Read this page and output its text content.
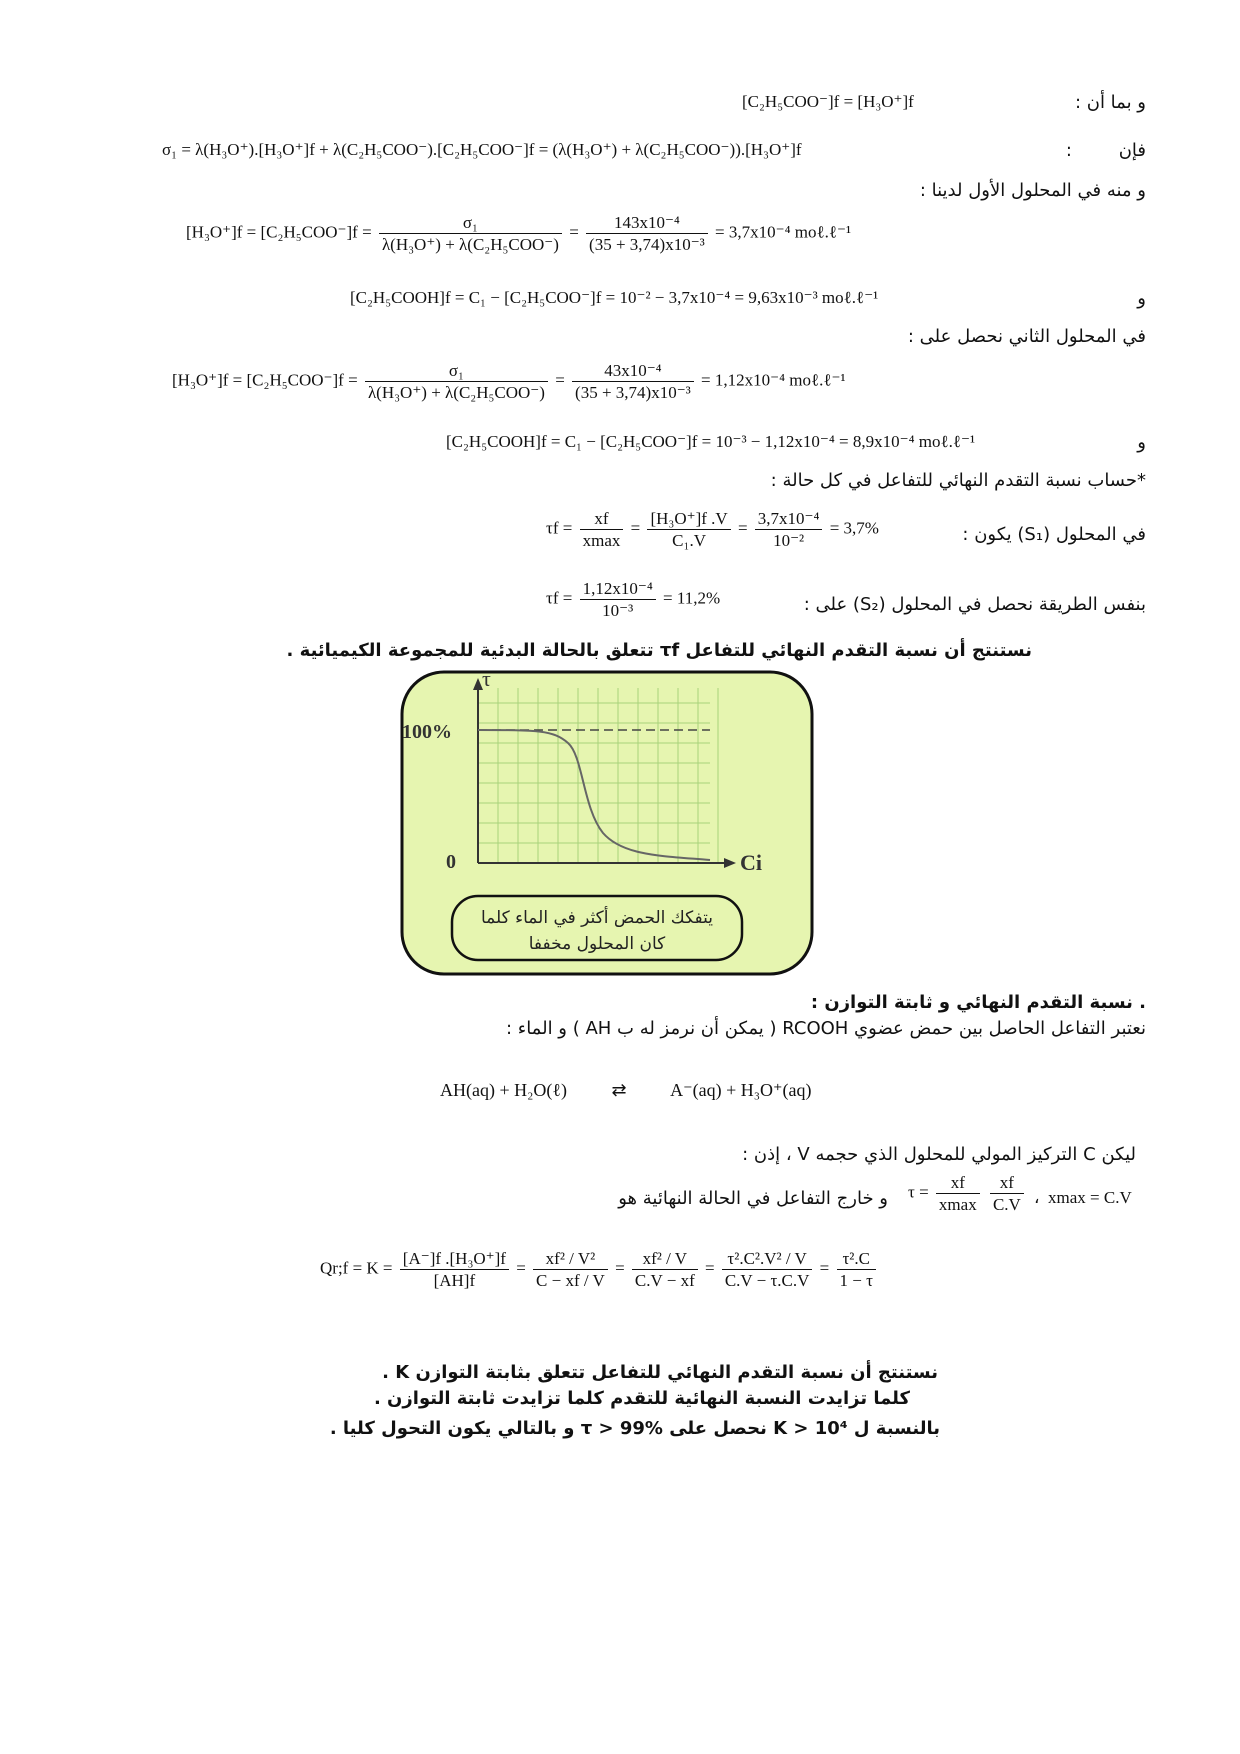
و بما أن :
[C₂H₅COO⁻]f = [H₃O⁺]f
فإن
:
σ₁ = λ(H₃O⁺).[H₃O⁺]f + λ(C₂H₅COO⁻).[C₂H₅COO⁻]f = (λ(H₃O⁺) + λ(C₂H₅COO⁻)).[H₃O⁺]f
و منه في المحلول الأول لدينا :
$[H_3O^+]f = [C_2H_5COO^-]f = \frac{\text{σ₁}}{\text{λ(H₃O⁺) + λ(C₂H₅COO⁻)}} = \frac{\text{143x10⁻⁴}}{\text{(35 + 3,74)x10⁻³}} = 3,7x10^{-4}$ moℓ.ℓ⁻¹
و
[C₂H₅COOH]f = C₁ − [C₂H₅COO⁻]f = 10⁻² − 3,7x10⁻⁴ = 9,63x10⁻³ moℓ.ℓ⁻¹
في المحلول الثاني نحصل على :
$[H_3O^+]f = [C_2H_5COO^-]f = \frac{\text{σ₁}}{\text{λ(H₃O⁺) + λ(C₂H₅COO⁻)}} = \frac{\text{43x10⁻⁴}}{\text{(35 + 3,74)x10⁻³}} = 1,12x10^{-4}$ moℓ.ℓ⁻¹
و
[C₂H₅COOH]f = C₁ − [C₂H₅COO⁻]f = 10⁻³ − 1,12x10⁻⁴ = 8,9x10⁻⁴ moℓ.ℓ⁻¹
*حساب نسبة التقدم النهائي للتفاعل في كل حالة :
في المحلول (S₁) يكون :
$\tau f = \frac{xf}{xmax} = \frac{\text{[H₃O⁺]f .V}}{\text{C₁.V}} = \frac{\text{3,7x10⁻⁴}}{\text{10⁻²}} = 3,7\%$
بنفس الطريقة نحصل في المحلول (S₂) على :
$\tau f = \frac{\text{1,12x10⁻⁴}}{\text{10⁻³}} = 11,2\%$
نستنتج أن نسبة التقدم النهائي للتفاعل τf تتعلق بالحالة البدئية للمجموعة الكيميائية .
τ
100%
0	Ci
يتفكك الحمض أكثر في الماء كلما
كان المحلول مخففا
. نسبة التقدم النهائي و ثابتة التوازن :
نعتبر التفاعل الحاصل بين حمض عضوي RCOOH ( يمكن أن نرمز له ب AH ) و الماء :
AH(aq) + H₂O(ℓ) ⇄ A⁻(aq) + H₃O⁺(aq)
ليكن C التركيز المولي للمحلول الذي حجمه V ، إذن :
xmax = C.V
،
$\tau = \frac{xf}{xmax}$
$\frac{xf}{C.V}$
و خارج التفاعل في الحالة النهائية هو
Qr;f = $K = \frac{\text{[A⁻]f .[H₃O⁺]f}}{[AH]f} = \frac{\text{xf² / V²}}{C - xf / V} = \frac{\text{xf² / V}}{C.V - xf} = \frac{\text{τ².C².V² / V}}{C.V - \tau.C.V} = \frac{\text{τ².C}}{1 - \tau}$
نستنتج أن نسبة التقدم النهائي للتفاعل تتعلق بثابتة التوازن K .
كلما تزايدت النسبة النهائية للتقدم كلما تزايدت ثابتة التوازن .
بالنسبة ل K > 10⁴ نحصل على τ > 99% و بالتالي يكون التحول كليا .
